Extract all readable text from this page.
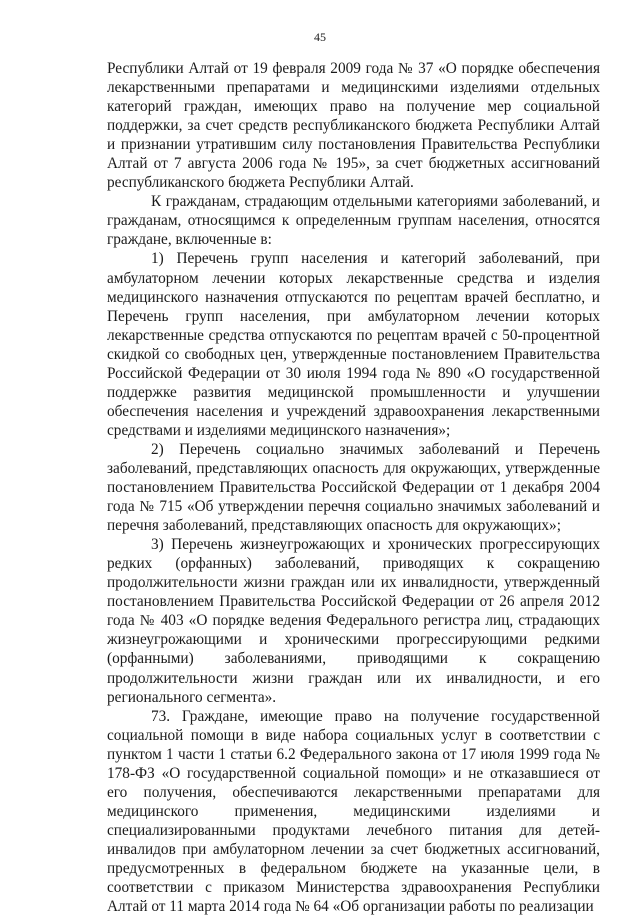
45

Республики Алтай от 19 февраля 2009 года № 37 «О порядке обеспечения лекарственными препаратами и медицинскими изделиями отдельных категорий граждан, имеющих право на получение мер социальной поддержки, за счет средств республиканского бюджета Республики Алтай и признании утратившим силу постановления Правительства Республики Алтай от 7 августа 2006 года № 195», за счет бюджетных ассигнований республиканского бюджета Республики Алтай.

К гражданам, страдающим отдельными категориями заболеваний, и гражданам, относящимся к определенным группам населения, относятся граждане, включенные в:

1) Перечень групп населения и категорий заболеваний, при амбулаторном лечении которых лекарственные средства и изделия медицинского назначения отпускаются по рецептам врачей бесплатно, и Перечень групп населения, при амбулаторном лечении которых лекарственные средства отпускаются по рецептам врачей с 50-процентной скидкой со свободных цен, утвержденные постановлением Правительства Российской Федерации от 30 июля 1994 года № 890 «О государственной поддержке развития медицинской промышленности и улучшении обеспечения населения и учреждений здравоохранения лекарственными средствами и изделиями медицинского назначения»;

2) Перечень социально значимых заболеваний и Перечень заболеваний, представляющих опасность для окружающих, утвержденные постановлением Правительства Российской Федерации от 1 декабря 2004 года № 715 «Об утверждении перечня социально значимых заболеваний и перечня заболеваний, представляющих опасность для окружающих»;

3) Перечень жизнеугрожающих и хронических прогрессирующих редких (орфанных) заболеваний, приводящих к сокращению продолжительности жизни граждан или их инвалидности, утвержденный постановлением Правительства Российской Федерации от 26 апреля 2012 года № 403 «О порядке ведения Федерального регистра лиц, страдающих жизнеугрожающими и хроническими прогрессирующими редкими (орфанными) заболеваниями, приводящими к сокращению продолжительности жизни граждан или их инвалидности, и его регионального сегмента».

73. Граждане, имеющие право на получение государственной социальной помощи в виде набора социальных услуг в соответствии с пунктом 1 части 1 статьи 6.2 Федерального закона от 17 июля 1999 года № 178-ФЗ «О государственной социальной помощи» и не отказавшиеся от его получения, обеспечиваются лекарственными препаратами для медицинского применения, медицинскими изделиями и специализированными продуктами лечебного питания для детей-инвалидов при амбулаторном лечении за счет бюджетных ассигнований, предусмотренных в федеральном бюджете на указанные цели, в соответствии с приказом Министерства здравоохранения Республики Алтай от 11 марта 2014 года № 64 «Об организации работы по реализации
